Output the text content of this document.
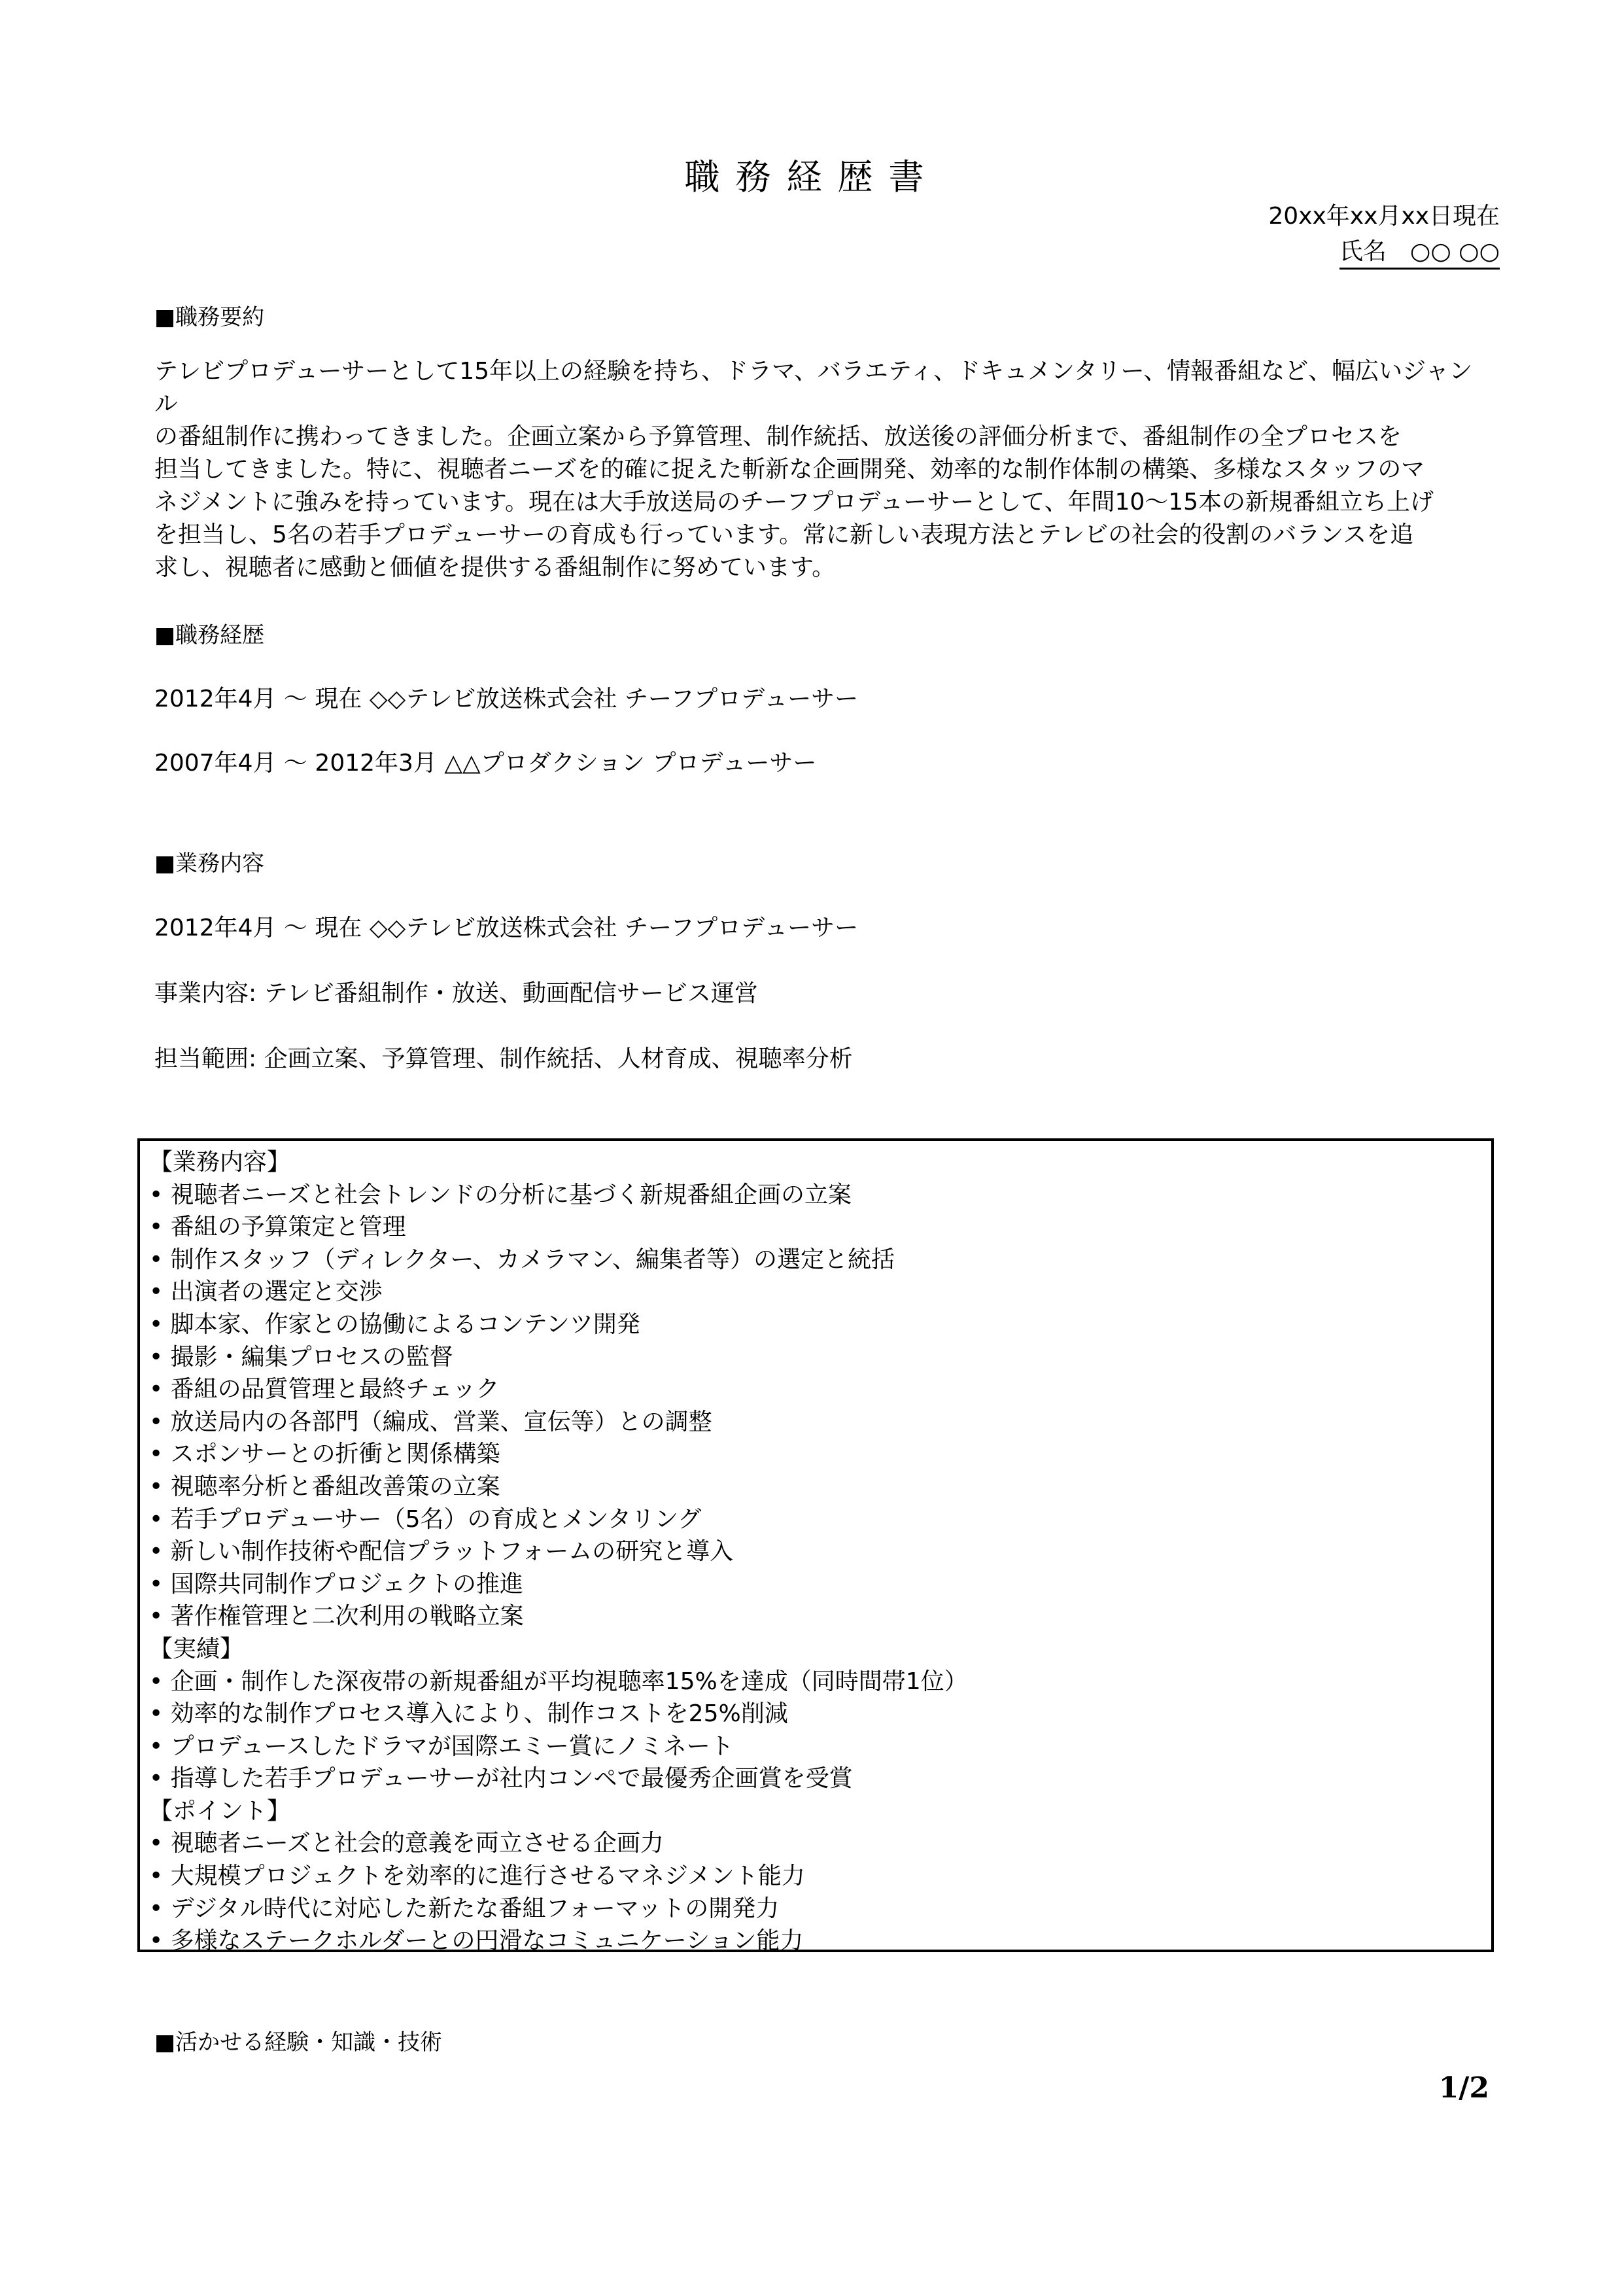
職務経歴書
20xx年xx月xx日現在
氏名　○○ ○○
■職務要約
テレビプロデューサーとして15年以上の経験を持ち、ドラマ、バラエティ、ドキュメンタリー、情報番組など、幅広いジャンル
の番組制作に携わってきました。企画立案から予算管理、制作統括、放送後の評価分析まで、番組制作の全プロセスを
担当してきました。特に、視聴者ニーズを的確に捉えた斬新な企画開発、効率的な制作体制の構築、多様なスタッフのマ
ネジメントに強みを持っています。現在は大手放送局のチーフプロデューサーとして、年間10〜15本の新規番組立ち上げ
を担当し、5名の若手プロデューサーの育成も行っています。常に新しい表現方法とテレビの社会的役割のバランスを追
求し、視聴者に感動と価値を提供する番組制作に努めています。
■職務経歴
2012年4月 〜 現在 ◇◇テレビ放送株式会社 チーフプロデューサー
2007年4月 〜 2012年3月 △△プロダクション プロデューサー
■業務内容
2012年4月 〜 現在 ◇◇テレビ放送株式会社 チーフプロデューサー
事業内容: テレビ番組制作・放送、動画配信サービス運営
担当範囲: 企画立案、予算管理、制作統括、人材育成、視聴率分析
【業務内容】
• 視聴者ニーズと社会トレンドの分析に基づく新規番組企画の立案
• 番組の予算策定と管理
• 制作スタッフ（ディレクター、カメラマン、編集者等）の選定と統括
• 出演者の選定と交渉
• 脚本家、作家との協働によるコンテンツ開発
• 撮影・編集プロセスの監督
• 番組の品質管理と最終チェック
• 放送局内の各部門（編成、営業、宣伝等）との調整
• スポンサーとの折衝と関係構築
• 視聴率分析と番組改善策の立案
• 若手プロデューサー（5名）の育成とメンタリング
• 新しい制作技術や配信プラットフォームの研究と導入
• 国際共同制作プロジェクトの推進
• 著作権管理と二次利用の戦略立案
【実績】
• 企画・制作した深夜帯の新規番組が平均視聴率15%を達成（同時間帯1位）
• 効率的な制作プロセス導入により、制作コストを25%削減
• プロデュースしたドラマが国際エミー賞にノミネート
• 指導した若手プロデューサーが社内コンペで最優秀企画賞を受賞
【ポイント】
• 視聴者ニーズと社会的意義を両立させる企画力
• 大規模プロジェクトを効率的に進行させるマネジメント能力
• デジタル時代に対応した新たな番組フォーマットの開発力
• 多様なステークホルダーとの円滑なコミュニケーション能力
■活かせる経験・知識・技術
1/2
